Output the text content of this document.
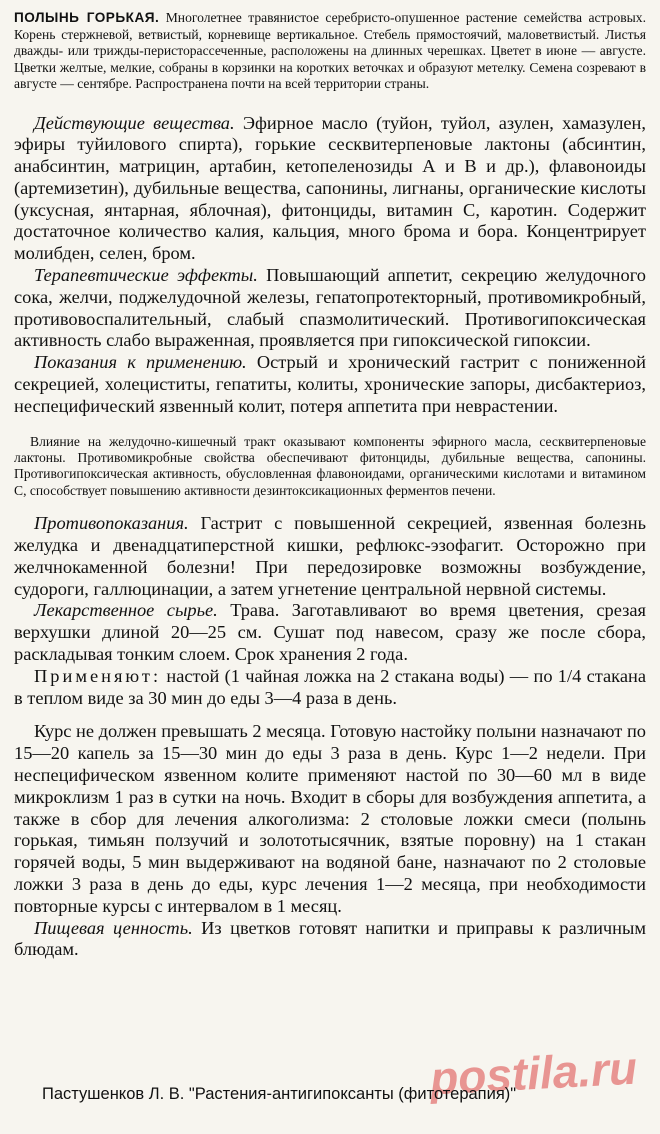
ПОЛЫНЬ ГОРЬКАЯ. Многолетнее травянистое серебристо-опушенное растение семейства астровых. Корень стержневой, ветвистый, корневище вертикальное. Стебель прямостоячий, маловетвистый. Листья дважды- или трижды-перисторассеченные, расположены на длинных черешках. Цветет в июне — августе. Цветки желтые, мелкие, собраны в корзинки на коротких веточках и образуют метелку. Семена созревают в августе — сентябре. Распространена почти на всей территории страны.

Действующие вещества. Эфирное масло (туйон, туйол, азулен, хамазулен, эфиры туйилового спирта), горькие сесквитерпеновые лактоны (абсинтин, анабсинтин, матрицин, артабин, кетопеленозиды А и В и др.), флавоноиды (артемизетин), дубильные вещества, сапонины, лигнаны, органические кислоты (уксусная, янтарная, яблочная), фитонциды, витамин С, каротин. Содержит достаточное количество калия, кальция, много брома и бора. Концентрирует молибден, селен, бром.

Терапевтические эффекты. Повышающий аппетит, секрецию желудочного сока, желчи, поджелудочной железы, гепатопротекторный, противомикробный, противовоспалительный, слабый спазмолитический. Противогипоксическая активность слабо выраженная, проявляется при гипоксической гипоксии.

Показания к применению. Острый и хронический гастрит с пониженной секрецией, холециститы, гепатиты, колиты, хронические запоры, дисбактериоз, неспецифический язвенный колит, потеря аппетита при неврастении.

Влияние на желудочно-кишечный тракт оказывают компоненты эфирного масла, сесквитерпеновые лактоны. Противомикробные свойства обеспечивают фитонциды, дубильные вещества, сапонины. Противогипоксическая активность, обусловленная флавоноидами, органическими кислотами и витамином С, способствует повышению активности дезинтоксикационных ферментов печени.

Противопоказания. Гастрит с повышенной секрецией, язвенная болезнь желудка и двенадцатиперстной кишки, рефлюкс-эзофагит. Осторожно при желчнокаменной болезни! При передозировке возможны возбуждение, судороги, галлюцинации, а затем угнетение центральной нервной системы.

Лекарственное сырье. Трава. Заготавливают во время цветения, срезая верхушки длиной 20—25 см. Сушат под навесом, сразу же после сбора, раскладывая тонким слоем. Срок хранения 2 года.

Применяют: настой (1 чайная ложка на 2 стакана воды) — по 1/4 стакана в теплом виде за 30 мин до еды 3—4 раза в день.

Курс не должен превышать 2 месяца. Готовую настойку полыни назначают по 15—20 капель за 15—30 мин до еды 3 раза в день. Курс 1—2 недели. При неспецифическом язвенном колите применяют настой по 30—60 мл в виде микроклизм 1 раз в сутки на ночь. Входит в сборы для возбуждения аппетита, а также в сбор для лечения алкоголизма: 2 столовые ложки смеси (полынь горькая, тимьян ползучий и золототысячник, взятые поровну) на 1 стакан горячей воды, 5 мин выдерживают на водяной бане, назначают по 2 столовые ложки 3 раза в день до еды, курс лечения 1—2 месяца, при необходимости повторные курсы с интервалом в 1 месяц.

Пищевая ценность. Из цветков готовят напитки и приправы к различным блюдам.

postila.ru
Пастушенков Л. В. "Растения-антигипоксанты (фитотерапия)"
